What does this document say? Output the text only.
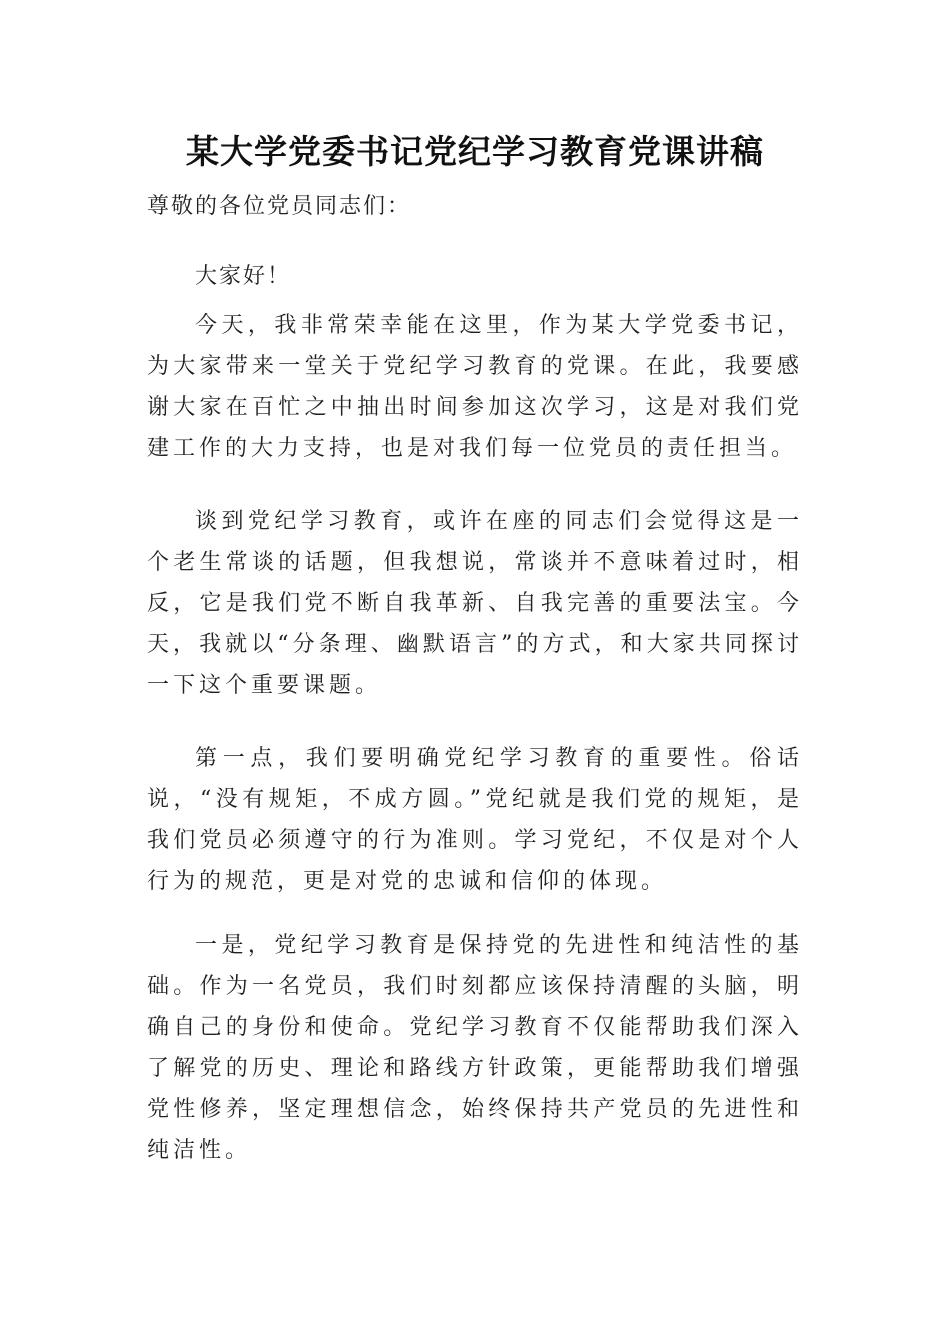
某大学党委书记党纪学习教育党课讲稿
尊敬的各位党员同志们：
大家好！

今天，我非常荣幸能在这里，作为某大学党委书记，为大家带来一堂关于党纪学习教育的党课。在此，我要感谢大家在百忙之中抽出时间参加这次学习，这是对我们党建工作的大力支持，也是对我们每一位党员的责任担当。

谈到党纪学习教育，或许在座的同志们会觉得这是一个老生常谈的话题，但我想说，常谈并不意味着过时，相反，它是我们党不断自我革新、自我完善的重要法宝。今天，我就以“分条理、幽默语言”的方式，和大家共同探讨一下这个重要课题。

第一点，我们要明确党纪学习教育的重要性。俗话说，“没有规矩，不成方圆。”党纪就是我们党的规矩，是我们党员必须遵守的行为准则。学习党纪，不仅是对个人行为的规范，更是对党的忠诚和信仰的体现。

一是，党纪学习教育是保持党的先进性和纯洁性的基础。作为一名党员，我们时刻都应该保持清醒的头脑，明确自己的身份和使命。党纪学习教育不仅能帮助我们深入了解党的历史、理论和路线方针政策，更能帮助我们增强党性修养，坚定理想信念，始终保持共产党员的先进性和纯洁性。
